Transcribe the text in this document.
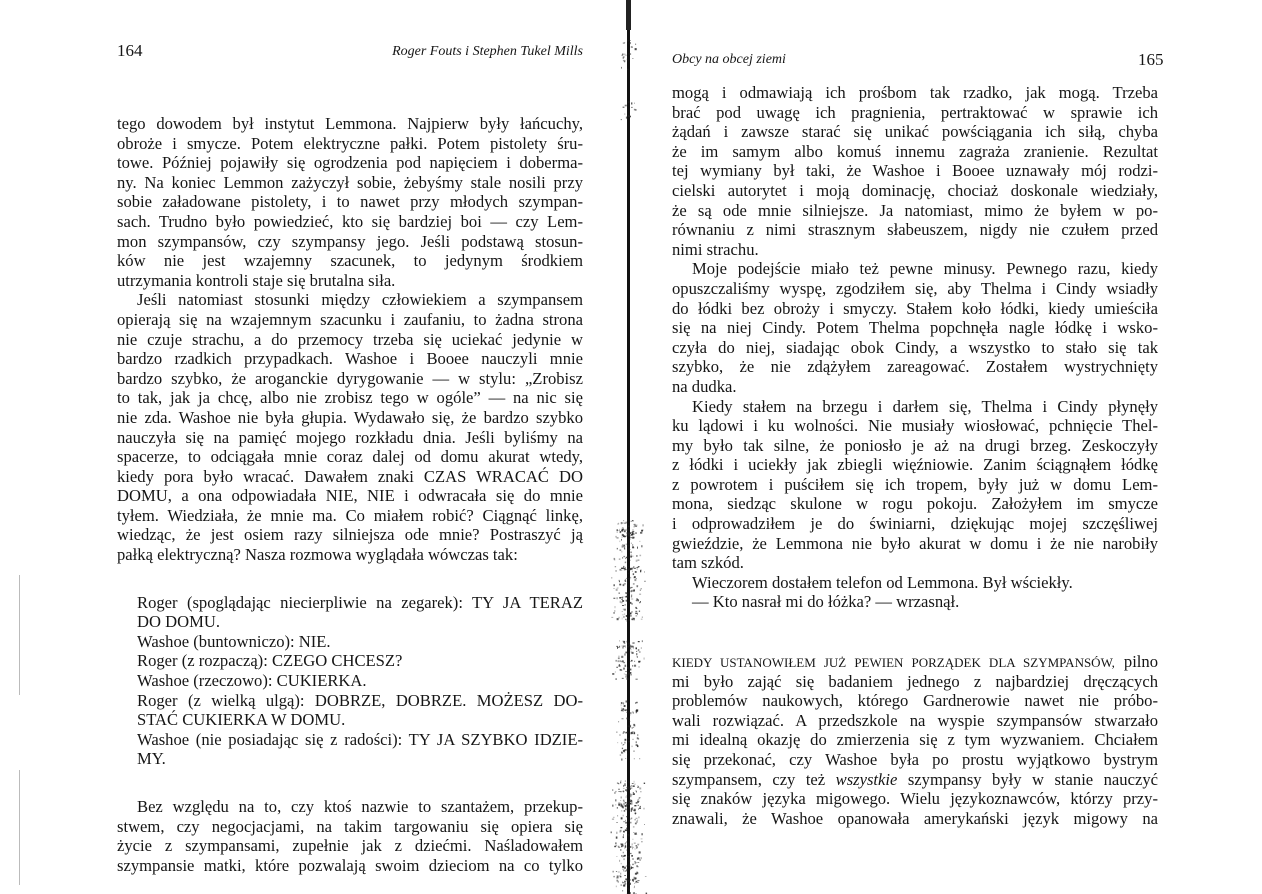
164	Roger Fouts i Stephen Tukel Mills
Obcy na obcej ziemi	165
tego dowodem był instytut Lemmona. Najpierw były łańcuchy,
obroże i smycze. Potem elektryczne pałki. Potem pistolety śru-
towe. Później pojawiły się ogrodzenia pod napięciem i doberma-
ny. Na koniec Lemmon zażyczył sobie, żebyśmy stale nosili przy
sobie załadowane pistolety, i to nawet przy młodych szympan-
sach. Trudno było powiedzieć, kto się bardziej boi — czy Lem-
mon szympansów, czy szympansy jego. Jeśli podstawą stosun-
ków nie jest wzajemny szacunek, to jedynym środkiem
utrzymania kontroli staje się brutalna siła.
Jeśli natomiast stosunki między człowiekiem a szympansem
opierają się na wzajemnym szacunku i zaufaniu, to żadna strona
nie czuje strachu, a do przemocy trzeba się uciekać jedynie w
bardzo rzadkich przypadkach. Washoe i Booee nauczyli mnie
bardzo szybko, że aroganckie dyrygowanie — w stylu: „Zrobisz
to tak, jak ja chcę, albo nie zrobisz tego w ogóle” — na nic się
nie zda. Washoe nie była głupia. Wydawało się, że bardzo szybko
nauczyła się na pamięć mojego rozkładu dnia. Jeśli byliśmy na
spacerze, to odciągała mnie coraz dalej od domu akurat wtedy,
kiedy pora było wracać. Dawałem znaki CZAS WRACAĆ DO
DOMU, a ona odpowiadała NIE, NIE i odwracała się do mnie
tyłem. Wiedziała, że mnie ma. Co miałem robić? Ciągnąć linkę,
wiedząc, że jest osiem razy silniejsza ode mnie? Postraszyć ją
pałką elektryczną? Nasza rozmowa wyglądała wówczas tak:
Roger (spoglądając niecierpliwie na zegarek): TY JA TERAZ
DO DOMU.
Washoe (buntowniczo): NIE.
Roger (z rozpaczą): CZEGO CHCESZ?
Washoe (rzeczowo): CUKIERKA.
Roger (z wielką ulgą): DOBRZE, DOBRZE. MOŻESZ DO-
STAĆ CUKIERKA W DOMU.
Washoe (nie posiadając się z radości): TY JA SZYBKO IDZIE-
MY.
Bez względu na to, czy ktoś nazwie to szantażem, przekup-
stwem, czy negocjacjami, na takim targowaniu się opiera się
życie z szympansami, zupełnie jak z dziećmi. Naśladowałem
szympansie matki, które pozwalają swoim dzieciom na co tylko
mogą i odmawiają ich prośbom tak rzadko, jak mogą. Trzeba
brać pod uwagę ich pragnienia, pertraktować w sprawie ich
żądań i zawsze starać się unikać powściągania ich siłą, chyba
że im samym albo komuś innemu zagraża zranienie. Rezultat
tej wymiany był taki, że Washoe i Booee uznawały mój rodzi-
cielski autorytet i moją dominację, chociaż doskonale wiedziały,
że są ode mnie silniejsze. Ja natomiast, mimo że byłem w po-
równaniu z nimi strasznym słabeuszem, nigdy nie czułem przed
nimi strachu.
Moje podejście miało też pewne minusy. Pewnego razu, kiedy
opuszczaliśmy wyspę, zgodziłem się, aby Thelma i Cindy wsiadły
do łódki bez obroży i smyczy. Stałem koło łódki, kiedy umieściła
się na niej Cindy. Potem Thelma popchnęła nagle łódkę i wsko-
czyła do niej, siadając obok Cindy, a wszystko to stało się tak
szybko, że nie zdążyłem zareagować. Zostałem wystrychnięty
na dudka.
Kiedy stałem na brzegu i darłem się, Thelma i Cindy płynęły
ku lądowi i ku wolności. Nie musiały wiosłować, pchnięcie Thel-
my było tak silne, że poniosło je aż na drugi brzeg. Zeskoczyły
z łódki i uciekły jak zbiegli więźniowie. Zanim ściągnąłem łódkę
z powrotem i puściłem się ich tropem, były już w domu Lem-
mona, siedząc skulone w rogu pokoju. Założyłem im smycze
i odprowadziłem je do świniarni, dziękując mojej szczęśliwej
gwieździe, że Lemmona nie było akurat w domu i że nie narobiły
tam szkód.
Wieczorem dostałem telefon od Lemmona. Był wściekły.
— Kto nasrał mi do łóżka? — wrzasnął.
KIEDY USTANOWIŁEM JUŻ PEWIEN PORZĄDEK DLA SZYMPANSÓW, pilno
mi było zająć się badaniem jednego z najbardziej dręczących
problemów naukowych, którego Gardnerowie nawet nie próbo-
wali rozwiązać. A przedszkole na wyspie szympansów stwarzało
mi idealną okazję do zmierzenia się z tym wyzwaniem. Chciałem
się przekonać, czy Washoe była po prostu wyjątkowo bystrym
szympansem, czy też wszystkie szympansy były w stanie nauczyć
się znaków języka migowego. Wielu językoznawców, którzy przy-
znawali, że Washoe opanowała amerykański język migowy na
